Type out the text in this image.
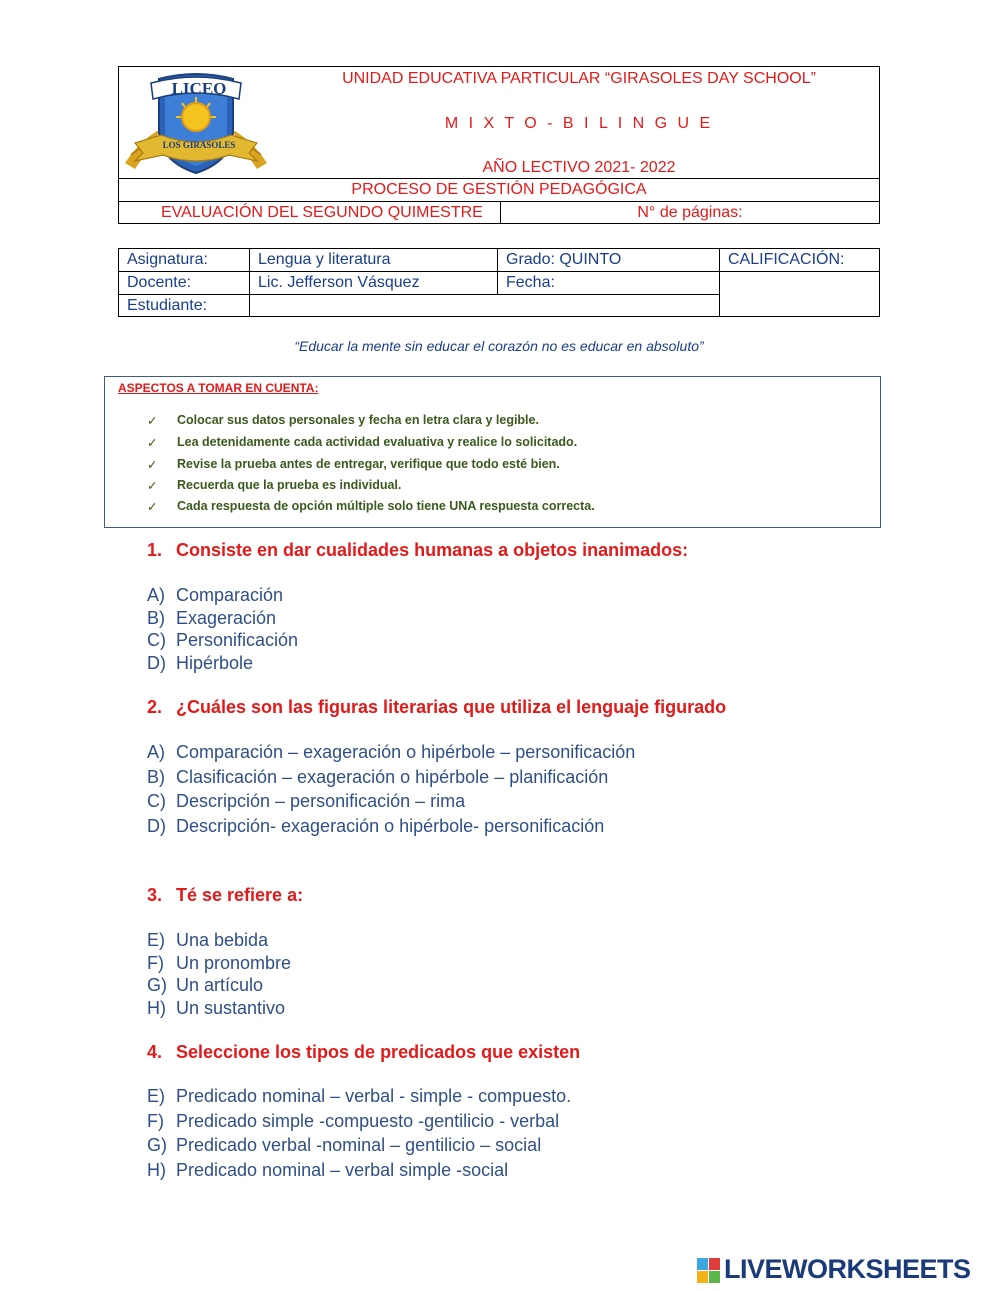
LICEO
LOS GIRASOLES
UNIDAD EDUCATIVA PARTICULAR “GIRASOLES DAY SCHOOL”
M I X T O - B I L I N G U E
AÑO LECTIVO 2021- 2022
PROCESO DE GESTIÓN PEDAGÓGICA
EVALUACIÓN DEL SEGUNDO QUIMESTRE	N° de páginas:
Asignatura:	Lengua y literatura	Grado: QUINTO	CALIFICACIÓN:
Docente:	Lic. Jefferson Vásquez	Fecha:
Estudiante:
“Educar la mente sin educar el corazón no es educar en absoluto”
ASPECTOS A TOMAR EN CUENTA:
✓ Colocar sus datos personales y fecha en letra clara y legible.
✓ Lea detenidamente cada actividad evaluativa y realice lo solicitado.
✓ Revise la prueba antes de entregar, verifique que todo esté bien.
✓ Recuerda que la prueba es individual.
✓ Cada respuesta de opción múltiple solo tiene UNA respuesta correcta.
1. Consiste en dar cualidades humanas a objetos inanimados:
A) Comparación
B) Exageración
C) Personificación
D) Hipérbole
2. ¿Cuáles son las figuras literarias que utiliza el lenguaje figurado
A) Comparación – exageración o hipérbole – personificación
B) Clasificación – exageración o hipérbole – planificación
C) Descripción – personificación – rima
D) Descripción- exageración o hipérbole- personificación
3. Té se refiere a:
E) Una bebida
F) Un pronombre
G) Un artículo
H) Un sustantivo
4. Seleccione los tipos de predicados que existen
E) Predicado nominal – verbal - simple - compuesto.
F) Predicado simple -compuesto -gentilicio - verbal
G) Predicado verbal -nominal – gentilicio – social
H) Predicado nominal – verbal simple -social
LIVEWORKSHEETS
